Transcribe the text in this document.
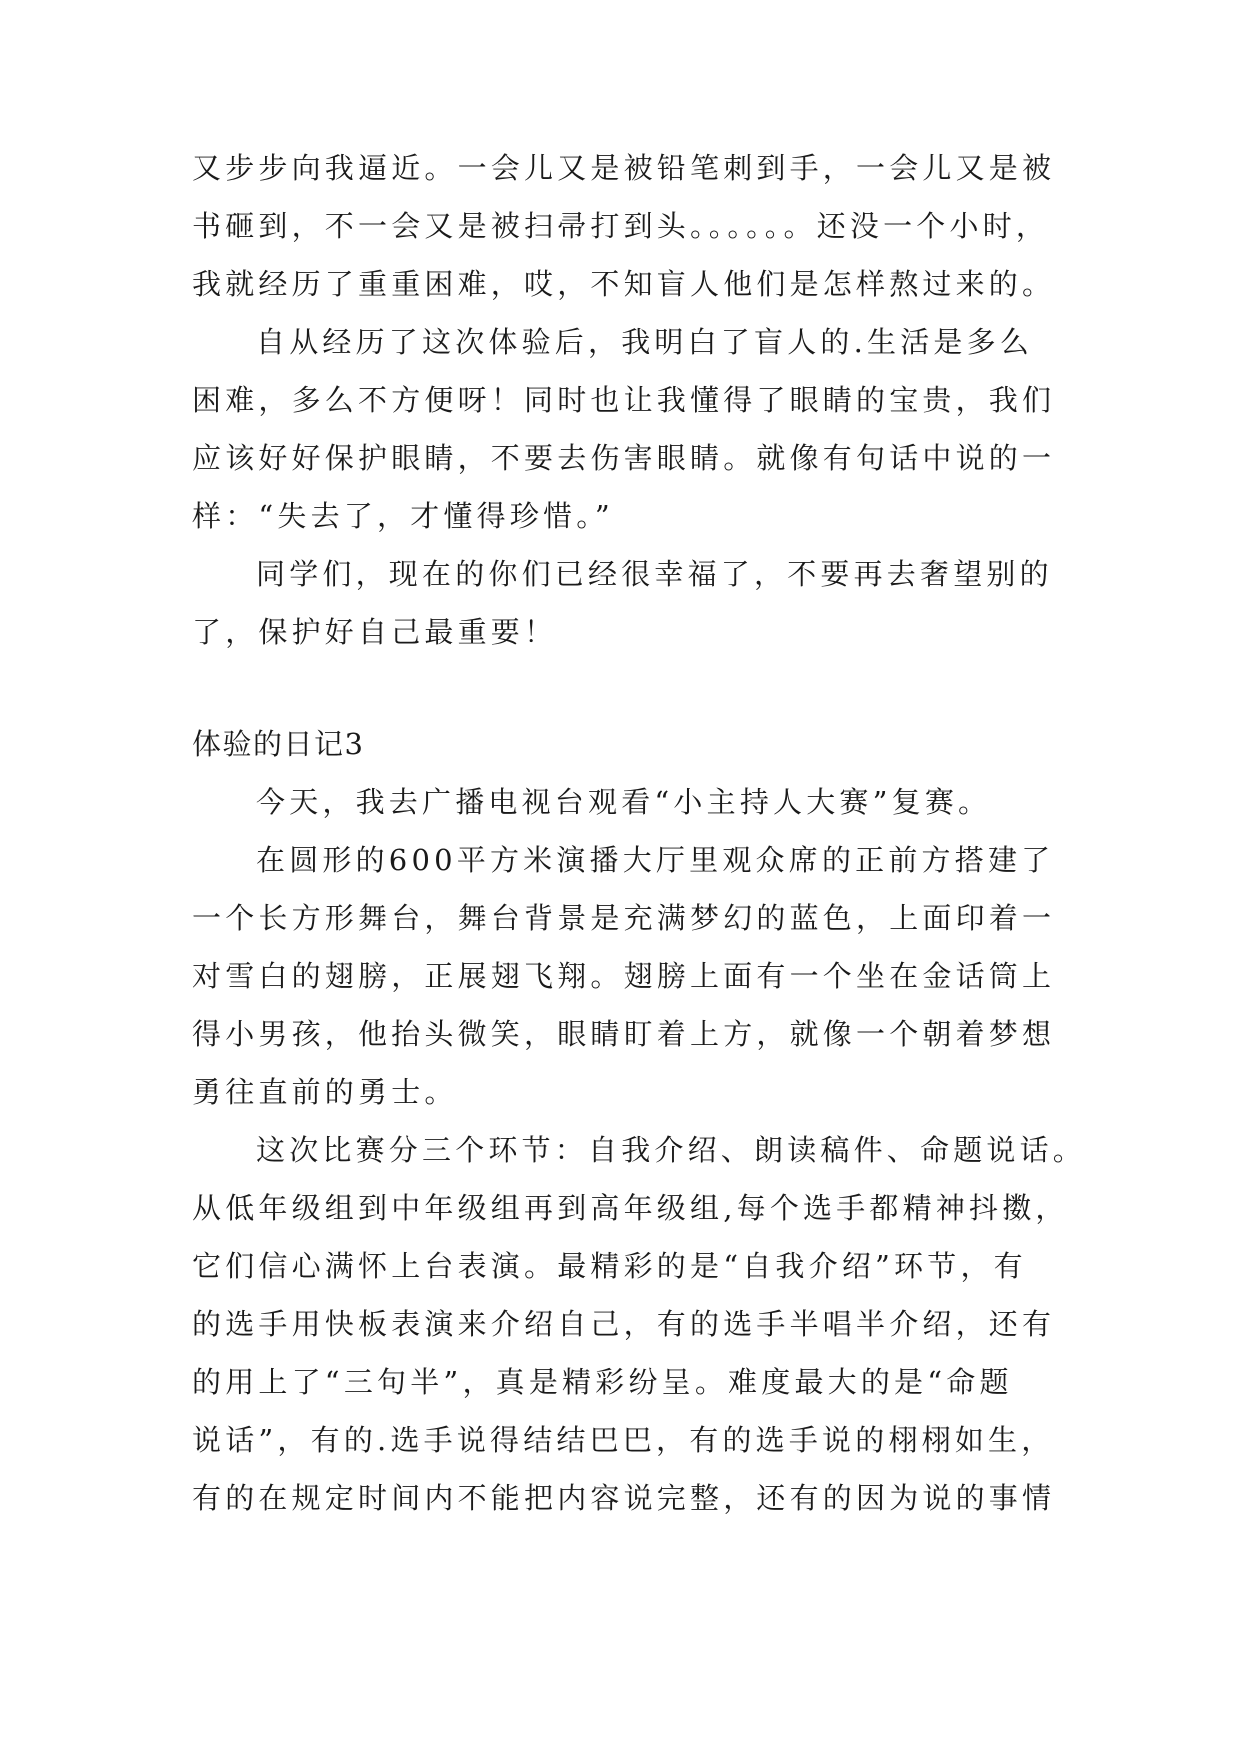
又步步向我逼近。一会儿又是被铅笔刺到手，一会儿又是被
书砸到，不一会又是被扫帚打到头。。。。。。还没一个小时，
我就经历了重重困难，哎，不知盲人他们是怎样熬过来的。
自从经历了这次体验后，我明白了盲人的.生活是多么
困难，多么不方便呀！同时也让我懂得了眼睛的宝贵，我们
应该好好保护眼睛，不要去伤害眼睛。就像有句话中说的一
样：“失去了，才懂得珍惜。”
同学们，现在的你们已经很幸福了，不要再去奢望别的
了，保护好自己最重要！
体验的日记3
今天，我去广播电视台观看“小主持人大赛”复赛。
在圆形的600平方米演播大厅里观众席的正前方搭建了
一个长方形舞台，舞台背景是充满梦幻的蓝色，上面印着一
对雪白的翅膀，正展翅飞翔。翅膀上面有一个坐在金话筒上
得小男孩，他抬头微笑，眼睛盯着上方，就像一个朝着梦想
勇往直前的勇士。
这次比赛分三个环节：自我介绍、朗读稿件、命题说话。
从低年级组到中年级组再到高年级组,每个选手都精神抖擞，
它们信心满怀上台表演。最精彩的是“自我介绍”环节，有
的选手用快板表演来介绍自己，有的选手半唱半介绍，还有
的用上了“三句半”，真是精彩纷呈。难度最大的是“命题
说话”，有的.选手说得结结巴巴，有的选手说的栩栩如生，
有的在规定时间内不能把内容说完整，还有的因为说的事情
